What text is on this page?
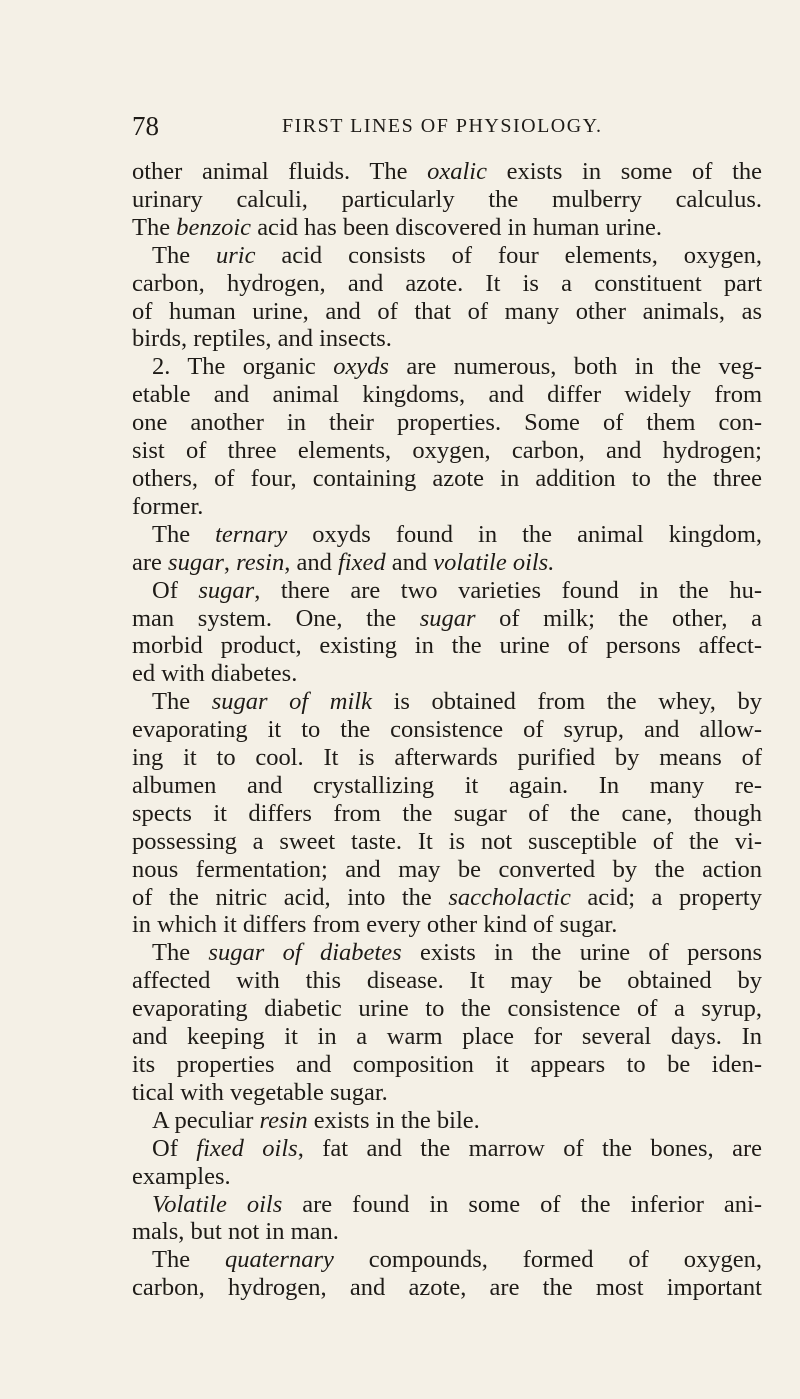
78	FIRST LINES OF PHYSIOLOGY.
other animal fluids. The oxalic exists in some of the
urinary calculi, particularly the mulberry calculus.
The benzoic acid has been discovered in human urine.
The uric acid consists of four elements, oxygen,
carbon, hydrogen, and azote. It is a constituent part
of human urine, and of that of many other animals, as
birds, reptiles, and insects.
2. The organic oxyds are numerous, both in the veg-
etable and animal kingdoms, and differ widely from
one another in their properties. Some of them con-
sist of three elements, oxygen, carbon, and hydrogen;
others, of four, containing azote in addition to the three
former.
The ternary oxyds found in the animal kingdom,
are sugar, resin, and fixed and volatile oils.
Of sugar, there are two varieties found in the hu-
man system. One, the sugar of milk; the other, a
morbid product, existing in the urine of persons affect-
ed with diabetes.
The sugar of milk is obtained from the whey, by
evaporating it to the consistence of syrup, and allow-
ing it to cool. It is afterwards purified by means of
albumen and crystallizing it again. In many re-
spects it differs from the sugar of the cane, though
possessing a sweet taste. It is not susceptible of the vi-
nous fermentation; and may be converted by the action
of the nitric acid, into the saccholactic acid; a property
in which it differs from every other kind of sugar.
The sugar of diabetes exists in the urine of persons
affected with this disease. It may be obtained by
evaporating diabetic urine to the consistence of a syrup,
and keeping it in a warm place for several days. In
its properties and composition it appears to be iden-
tical with vegetable sugar.
A peculiar resin exists in the bile.
Of fixed oils, fat and the marrow of the bones, are
examples.
Volatile oils are found in some of the inferior ani-
mals, but not in man.
The quaternary compounds, formed of oxygen,
carbon, hydrogen, and azote, are the most important
